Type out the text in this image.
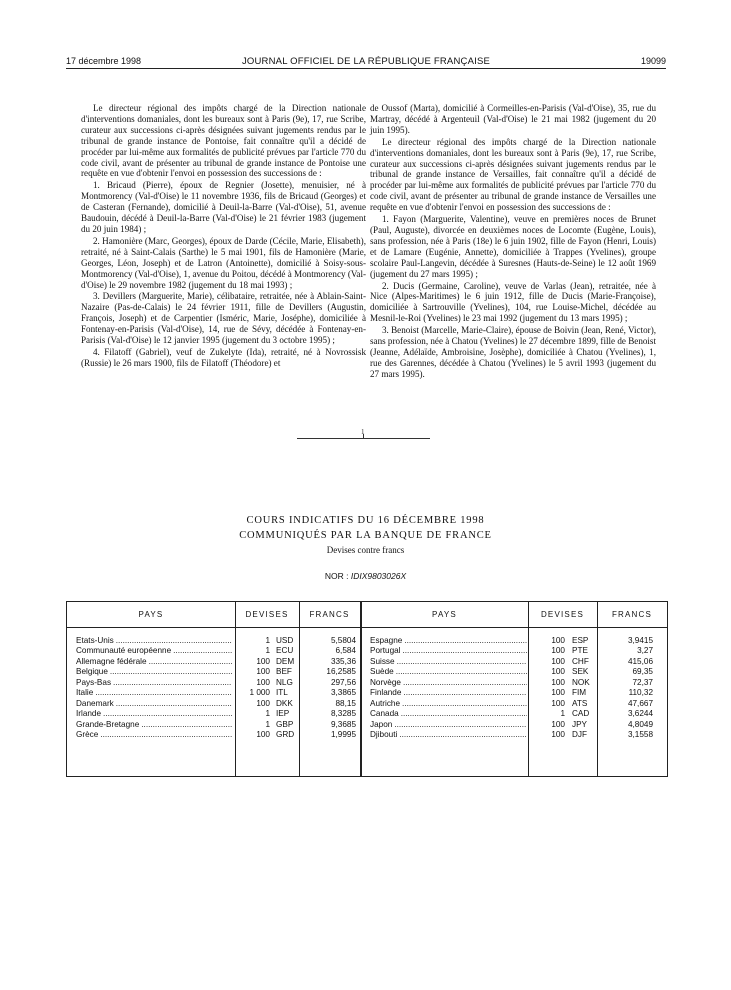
17 décembre 1998	JOURNAL OFFICIEL DE LA RÉPUBLIQUE FRANÇAISE	19099

Le directeur régional des impôts chargé de la Direction nationale d'interventions domaniales, dont les bureaux sont à Paris (9e), 17, rue Scribe, curateur aux successions ci-après désignées suivant jugements rendus par le tribunal de grande instance de Pontoise, fait connaître qu'il a décidé de procéder par lui-même aux formalités de publicité prévues par l'article 770 du code civil, avant de présenter au tribunal de grande instance de Pontoise une requête en vue d'obtenir l'envoi en possession des successions de :

1. Bricaud (Pierre), époux de Regnier (Josette), menuisier, né à Montmorency (Val-d'Oise) le 11 novembre 1936, fils de Bricaud (Georges) et de Casteran (Fernande), domicilié à Deuil-la-Barre (Val-d'Oise), 51, avenue Baudouin, décédé à Deuil-la-Barre (Val-d'Oise) le 21 février 1983 (jugement du 20 juin 1984) ;

2. Hamonière (Marc, Georges), époux de Darde (Cécile, Marie, Elisabeth), retraité, né à Saint-Calais (Sarthe) le 5 mai 1901, fils de Hamonière (Marie, Georges, Léon, Joseph) et de Latron (Antoinette), domicilié à Soisy-sous-Montmorency (Val-d'Oise), 1, avenue du Poitou, décédé à Montmorency (Val-d'Oise) le 29 novembre 1982 (jugement du 18 mai 1993) ;

3. Devillers (Marguerite, Marie), célibataire, retraitée, née à Ablain-Saint-Nazaire (Pas-de-Calais) le 24 février 1911, fille de Devillers (Augustin, François, Joseph) et de Carpentier (Isméric, Marie, Joséphe), domiciliée à Fontenay-en-Parisis (Val-d'Oise), 14, rue de Sévy, décédée à Fontenay-en-Parisis (Val-d'Oise) le 12 janvier 1995 (jugement du 3 octobre 1995) ;

4. Filatoff (Gabriel), veuf de Zukelyte (Ida), retraité, né à Novrossisk (Russie) le 26 mars 1900, fils de Filatoff (Théodore) et

de Oussof (Marta), domicilié à Cormeilles-en-Parisis (Val-d'Oise), 35, rue du Martray, décédé à Argenteuil (Val-d'Oise) le 21 mai 1982 (jugement du 20 juin 1995).

Le directeur régional des impôts chargé de la Direction nationale d'interventions domaniales, dont les bureaux sont à Paris (9e), 17, rue Scribe, curateur aux successions ci-après désignées suivant jugements rendus par le tribunal de grande instance de Versailles, fait connaître qu'il a décidé de procéder par lui-même aux formalités de publicité prévues par l'article 770 du code civil, avant de présenter au tribunal de grande instance de Versailles une requête en vue d'obtenir l'envoi en possession des successions de :

1. Fayon (Marguerite, Valentine), veuve en premières noces de Brunet (Paul, Auguste), divorcée en deuxièmes noces de Locomte (Eugène, Louis), sans profession, née à Paris (18e) le 6 juin 1902, fille de Fayon (Henri, Louis) et de Lamare (Eugénie, Annette), domiciliée à Trappes (Yvelines), groupe scolaire Paul-Langevin, décédée à Suresnes (Hauts-de-Seine) le 12 août 1969 (jugement du 27 mars 1995) ;

2. Ducis (Germaine, Caroline), veuve de Varlas (Jean), retraitée, née à Nice (Alpes-Maritimes) le 6 juin 1912, fille de Ducis (Marie-Françoise), domiciliée à Sartrouville (Yvelines), 104, rue Louise-Michel, décédée au Mesnil-le-Roi (Yvelines) le 23 mai 1992 (jugement du 13 mars 1995) ;

3. Benoist (Marcelle, Marie-Claire), épouse de Boivin (Jean, René, Victor), sans profession, née à Chatou (Yvelines) le 27 décembre 1899, fille de Benoist (Jeanne, Adélaïde, Ambroisine, Josèphe), domiciliée à Chatou (Yvelines), 1, rue des Garennes, décédée à Chatou (Yvelines) le 5 avril 1993 (jugement du 27 mars 1995).

1
COURS INDICATIFS DU 16 DÉCEMBRE 1998
COMMUNIQUÉS PAR LA BANQUE DE FRANCE
Devises contre francs
NOR : IDIX9803026X
PAYS	DEVISES	FRANCS	PAYS	DEVISES	FRANCS
Etats-Unis .....	1 USD	5,5804
Communauté européenne .....	1 ECU	6,584
Allemagne fédérale .....	100 DEM	335,36
Belgique .....	100 BEF	16,2585
Pays-Bas .....	100 NLG	297,56
Italie .....	1 000 ITL	3,3865
Danemark .....	100 DKK	88,15
Irlande .....	1 IEP	8,3285
Grande-Bretagne .....	1 GBP	9,3685
Grèce .....	100 GRD	1,9995
Espagne .....	100 ESP	3,9415
Portugal .....	100 PTE	3,27
Suisse .....	100 CHF	415,06
Suède .....	100 SEK	69,35
Norvège .....	100 NOK	72,37
Finlande .....	100 FIM	110,32
Autriche .....	100 ATS	47,667
Canada .....	1 CAD	3,6244
Japon .....	100 JPY	4,8049
Djibouti .....	100 DJF	3,1558
